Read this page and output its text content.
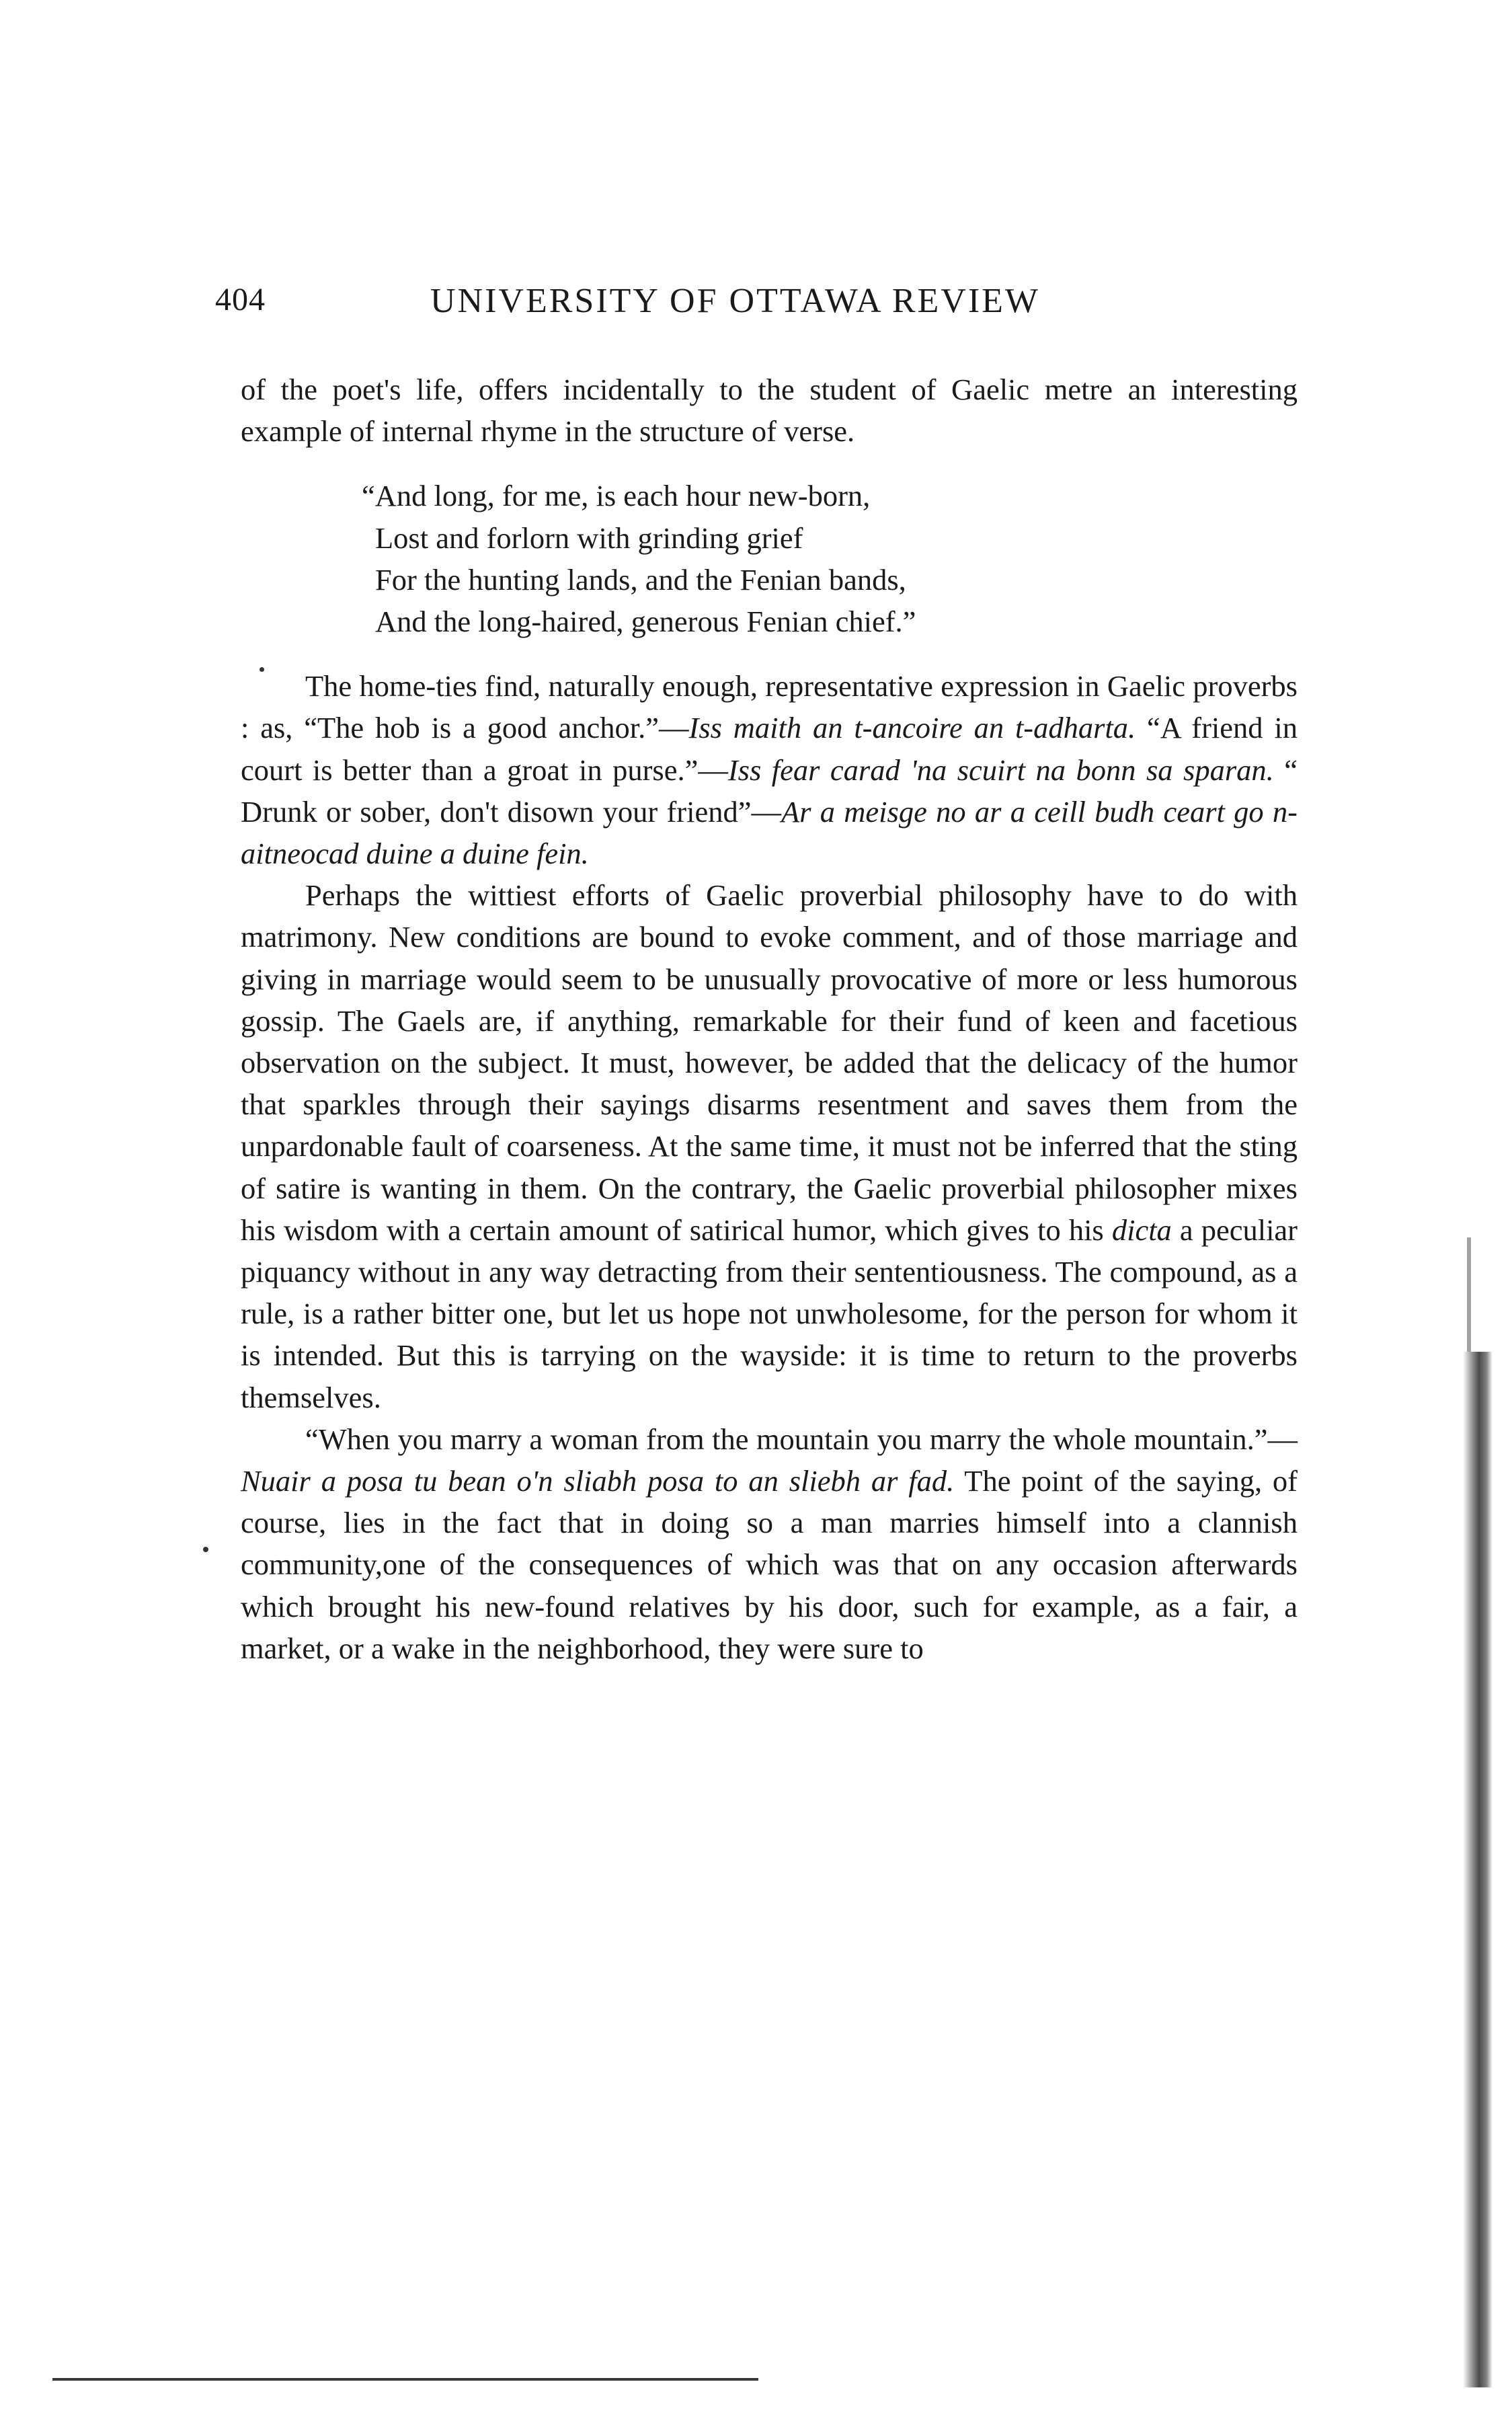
404	UNIVERSITY OF OTTAWA REVIEW

of the poet's life, offers incidentally to the student of Gaelic metre an interesting example of internal rhyme in the structure of verse.

“And long, for me, is each hour new-born,
Lost and forlorn with grinding grief
For the hunting lands, and the Fenian bands,
And the long-haired, generous Fenian chief.”

The home-ties find, naturally enough, representative expression in Gaelic proverbs : as, “The hob is a good anchor.”—Iss maith an t-ancoire an t-adharta. “A friend in court is better than a groat in purse.”—Iss fear carad 'na scuirt na bonn sa sparan. “ Drunk or sober, don't disown your friend”—Ar a meisge no ar a ceill budh ceart go n-aitneocad duine a duine fein.

Perhaps the wittiest efforts of Gaelic proverbial philosophy have to do with matrimony. New conditions are bound to evoke comment, and of those marriage and giving in marriage would seem to be unusually provocative of more or less humorous gossip. The Gaels are, if anything, remarkable for their fund of keen and facetious observation on the subject. It must, however, be added that the delicacy of the humor that sparkles through their sayings disarms resentment and saves them from the unpardonable fault of coarseness. At the same time, it must not be inferred that the sting of satire is wanting in them. On the contrary, the Gaelic proverbial philosopher mixes his wisdom with a certain amount of satirical humor, which gives to his dicta a peculiar piquancy without in any way detracting from their sententiousness. The compound, as a rule, is a rather bitter one, but let us hope not unwholesome, for the person for whom it is intended. But this is tarrying on the wayside: it is time to return to the proverbs themselves.

“When you marry a woman from the mountain you marry the whole mountain.”—Nuair a posa tu bean o'n sliabh posa to an sliebh ar fad. The point of the saying, of course, lies in the fact that in doing so a man marries himself into a clannish community,one of the consequences of which was that on any occasion afterwards which brought his new-found relatives by his door, such for example, as a fair, a market, or a wake in the neighborhood, they were sure to
